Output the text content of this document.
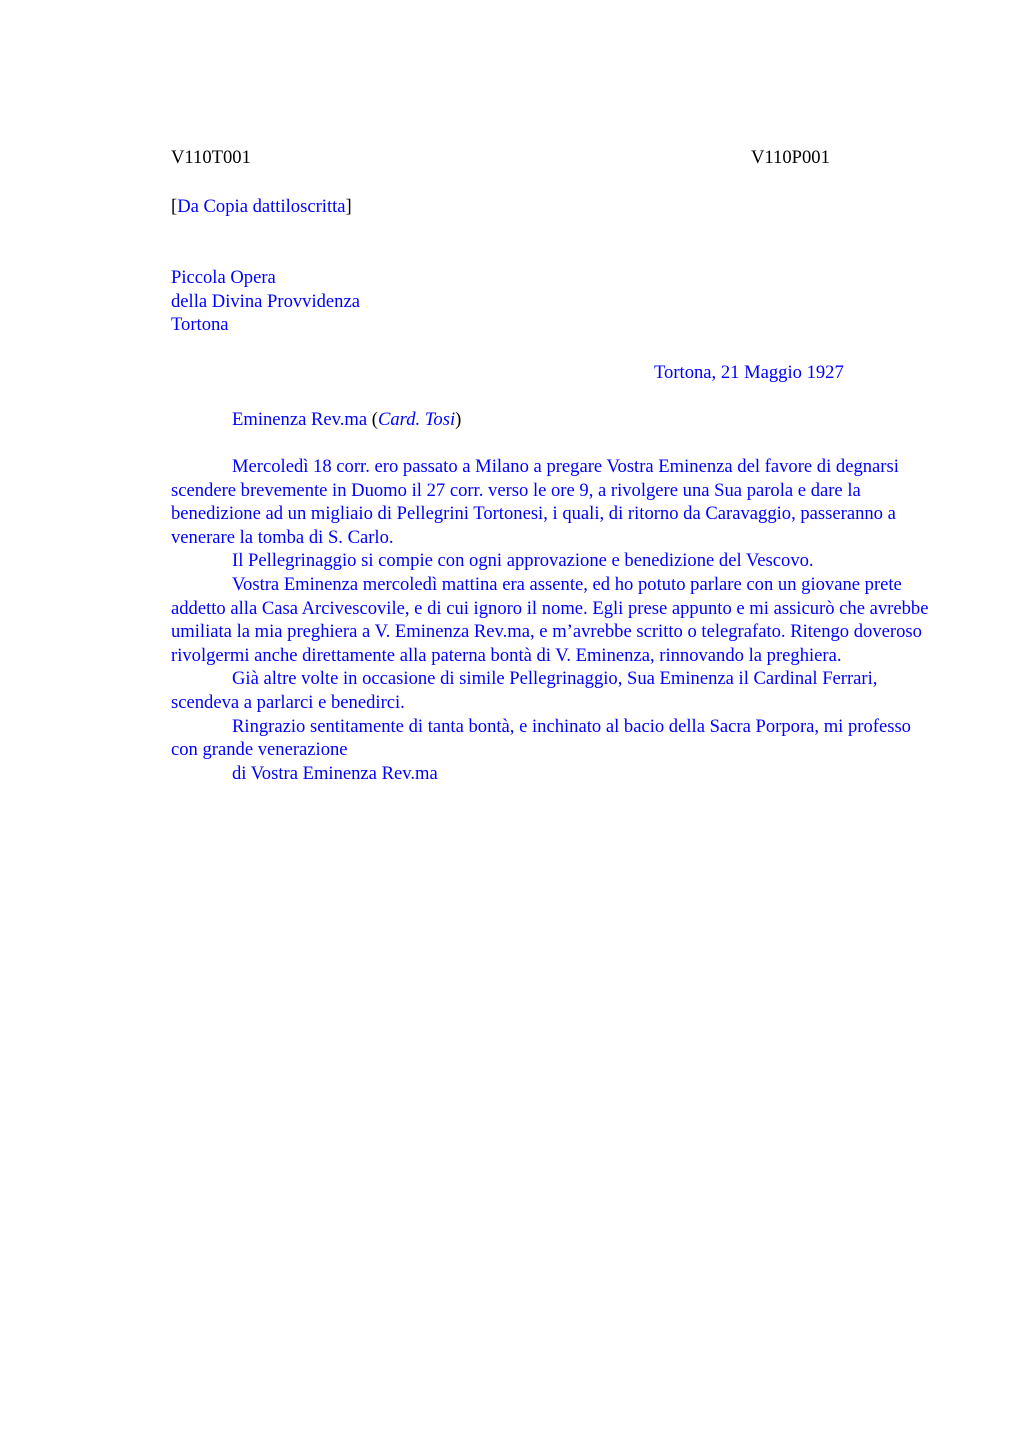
V110T001	V110P001
[Da Copia dattiloscritta]
Piccola Opera
della Divina Provvidenza
Tortona
Tortona, 21 Maggio 1927
Eminenza Rev.ma (Card. Tosi)

Mercoledì 18 corr. ero passato a Milano a pregare Vostra Eminenza del favore di degnarsi scendere brevemente in Duomo il 27 corr. verso le ore 9, a rivolgere una Sua parola e dare la benedizione ad un migliaio di Pellegrini Tortonesi, i quali, di ritorno da Caravaggio, passeranno a venerare la tomba di S. Carlo.

Il Pellegrinaggio si compie con ogni approvazione e benedizione del Vescovo.

Vostra Eminenza mercoledì mattina era assente, ed ho potuto parlare con un giovane prete addetto alla Casa Arcivescovile, e di cui ignoro il nome. Egli prese appunto e mi assicurò che avrebbe umiliata la mia preghiera a V. Eminenza Rev.ma, e m’avrebbe scritto o telegrafato. Ritengo doveroso rivolgermi anche direttamente alla paterna bontà di V. Eminenza, rinnovando la preghiera.

Già altre volte in occasione di simile Pellegrinaggio, Sua Eminenza il Cardinal Ferrari, scendeva a parlarci e benedirci.

Ringrazio sentitamente di tanta bontà, e inchinato al bacio della Sacra Porpora, mi professo con grande venerazione

di Vostra Eminenza Rev.ma
